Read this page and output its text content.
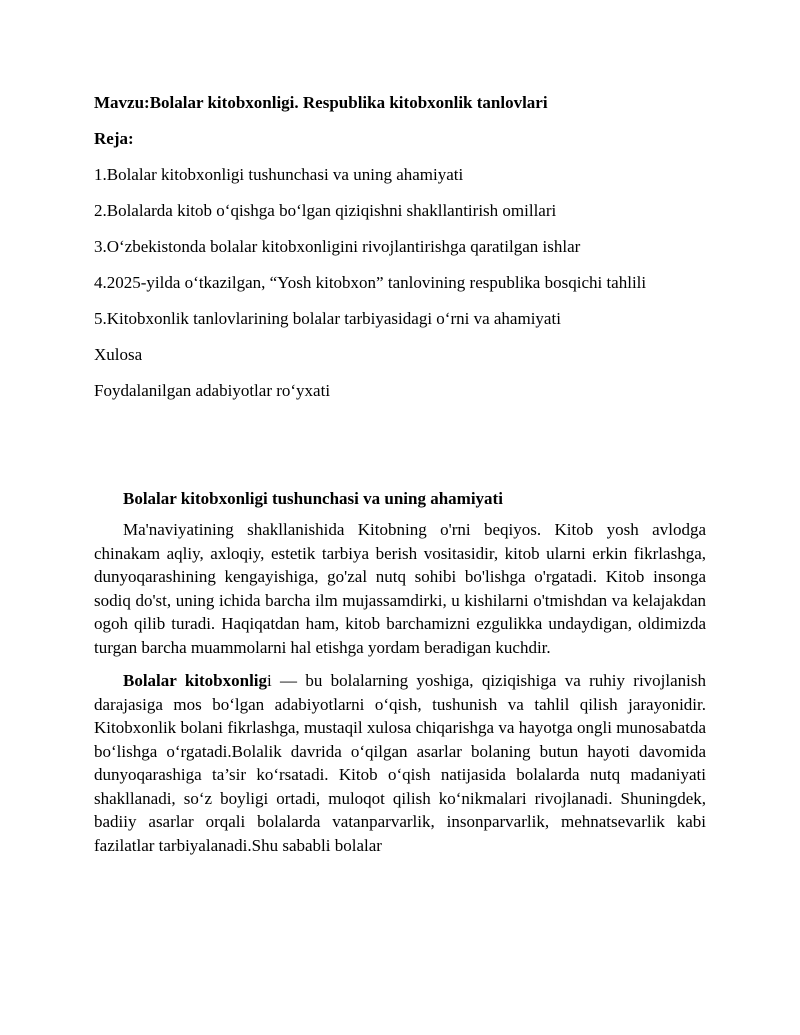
Mavzu:Bolalar kitobxonligi. Respublika kitobxonlik tanlovlari
Reja:
1.Bolalar kitobxonligi tushunchasi va uning ahamiyati
2.Bolalarda kitob o‘qishga bo‘lgan qiziqishni shakllantirish omillari
3.O‘zbekistonda bolalar kitobxonligini rivojlantirishga qaratilgan ishlar
4.2025-yilda o‘tkazilgan, “Yosh kitobxon” tanlovining respublika bosqichi tahlili
5.Kitobxonlik tanlovlarining bolalar tarbiyasidagi o‘rni va ahamiyati
Xulosa
Foydalanilgan adabiyotlar ro‘yxati
Bolalar kitobxonligi tushunchasi va uning ahamiyati

Ma'naviyatining shakllanishida Kitobning o'rni beqiyos. Kitob yosh avlodga chinakam aqliy, axloqiy, estetik tarbiya berish vositasidir, kitob ularni erkin fikrlashga, dunyoqarashining kengayishiga, go'zal nutq sohibi bo'lishga o'rgatadi. Kitob insonga sodiq do'st, uning ichida barcha ilm mujassamdirki, u kishilarni o'tmishdan va kelajakdan ogoh qilib turadi. Haqiqatdan ham, kitob barchamizni ezgulikka undaydigan, oldimizda turgan barcha muammolarni hal etishga yordam beradigan kuchdir.

Bolalar kitobxonligi — bu bolalarning yoshiga, qiziqishiga va ruhiy rivojlanish darajasiga mos bo‘lgan adabiyotlarni o‘qish, tushunish va tahlil qilish jarayonidir. Kitobxonlik bolani fikrlashga, mustaqil xulosa chiqarishga va hayotga ongli munosabatda bo‘lishga o‘rgatadi.Bolalik davrida o‘qilgan asarlar bolaning butun hayoti davomida dunyoqarashiga ta’sir ko‘rsatadi. Kitob o‘qish natijasida bolalarda nutq madaniyati shakllanadi, so‘z boyligi ortadi, muloqot qilish ko‘nikmalari rivojlanadi. Shuningdek, badiiy asarlar orqali bolalarda vatanparvarlik, insonparvarlik, mehnatsevarlik kabi fazilatlar tarbiyalanadi.Shu sababli bolalar
